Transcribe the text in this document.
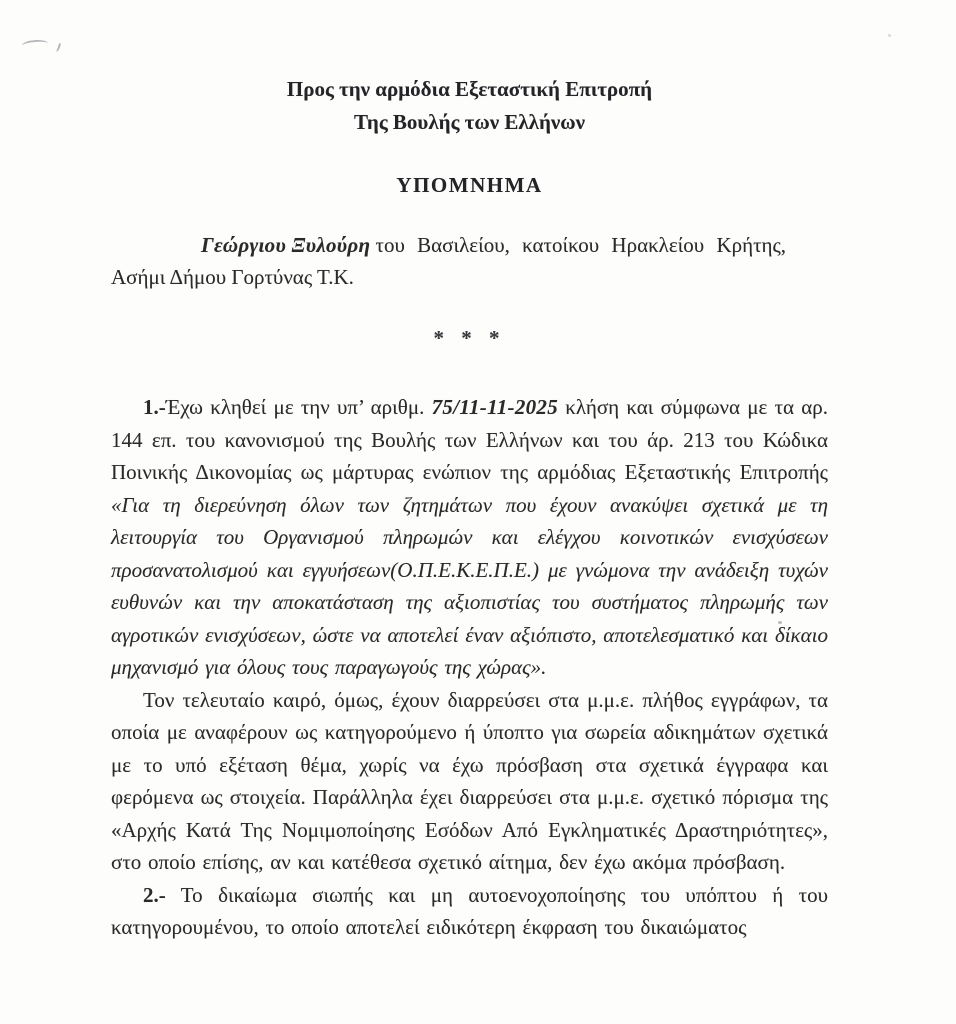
Προς την αρμόδια Εξεταστική Επιτροπή
Της Βουλής των Ελλήνων
ΥΠΟΜΝΗΜΑ

Γεώργιου Ξυλούρη του Βασιλείου, κατοίκου Ηρακλείου Κρήτης,
Ασήμι Δήμου Γορτύνας Τ.Κ.

* * *

1.-Έχω κληθεί με την υπ’ αριθμ. 75/11-11-2025 κλήση και σύμφωνα με τα αρ. 144 επ. του κανονισμού της Βουλής των Ελλήνων και του άρ. 213 του Κώδικα Ποινικής Δικονομίας ως μάρτυρας ενώπιον της αρμόδιας Εξεταστικής Επιτροπής «Για τη διερεύνηση όλων των ζητημάτων που έχουν ανακύψει σχετικά με τη λειτουργία του Οργανισμού πληρωμών και ελέγχου κοινοτικών ενισχύσεων προσανατολισμού και εγγυήσεων(Ο.Π.Ε.Κ.Ε.Π.Ε.) με γνώμονα την ανάδειξη τυχών ευθυνών και την αποκατάσταση της αξιοπιστίας του συστήματος πληρωμής των αγροτικών ενισχύσεων, ώστε να αποτελεί έναν αξιόπιστο, αποτελεσματικό και δίκαιο μηχανισμό για όλους τους παραγωγούς της χώρας».

Τον τελευταίο καιρό, όμως, έχουν διαρρεύσει στα μ.μ.ε. πλήθος εγγράφων, τα οποία με αναφέρουν ως κατηγορούμενο ή ύποπτο για σωρεία αδικημάτων σχετικά με το υπό εξέταση θέμα, χωρίς να έχω πρόσβαση στα σχετικά έγγραφα και φερόμενα ως στοιχεία. Παράλληλα έχει διαρρεύσει στα μ.μ.ε. σχετικό πόρισμα της «Αρχής Κατά Της Νομιμοποίησης Εσόδων Από Εγκληματικές Δραστηριότητες», στο οποίο επίσης, αν και κατέθεσα σχετικό αίτημα, δεν έχω ακόμα πρόσβαση.

2.- Το δικαίωμα σιωπής και μη αυτοενοχοποίησης του υπόπτου ή του κατηγορουμένου, το οποίο αποτελεί ειδικότερη έκφραση του δικαιώματος
